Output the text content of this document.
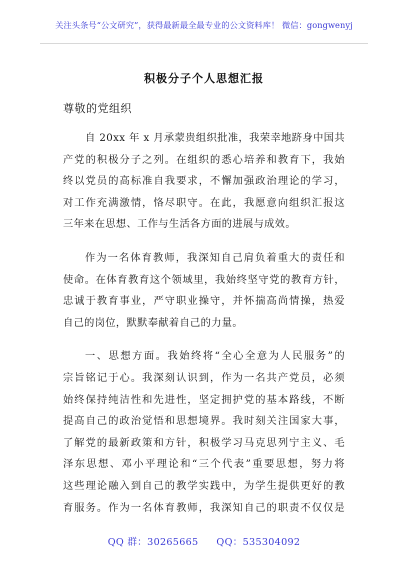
关注头条号“公文研究”，获得最新最全最专业的公文资料库！ 微信：gongwenyj
积极分子个人思想汇报
尊敬的党组织
自 20xx 年 x 月承蒙贵组织批准，我荣幸地跻身中国共
产党的积极分子之列。在组织的悉心培养和教育下，我始
终以党员的高标准自我要求，不懈加强政治理论的学习，
对工作充满激情，恪尽职守。在此，我愿意向组织汇报这
三年来在思想、工作与生活各方面的进展与成效。
作为一名体育教师，我深知自己肩负着重大的责任和
使命。在体育教育这个领域里，我始终坚守党的教育方针，
忠诚于教育事业，严守职业操守，并怀揣高尚情操，热爱
自己的岗位，默默奉献着自己的力量。
一、思想方面。我始终将“全心全意为人民服务”的
宗旨铭记于心。我深刻认识到，作为一名共产党员，必须
始终保持纯洁性和先进性，坚定拥护党的基本路线，不断
提高自己的政治觉悟和思想境界。我时刻关注国家大事，
了解党的最新政策和方针，积极学习马克思列宁主义、毛
泽东思想、邓小平理论和“三个代表”重要思想，努力将
这些理论融入到自己的教学实践中，为学生提供更好的教
育服务。作为一名体育教师，我深知自己的职责不仅仅是
QQ 群：30265665 QQ：535304092
